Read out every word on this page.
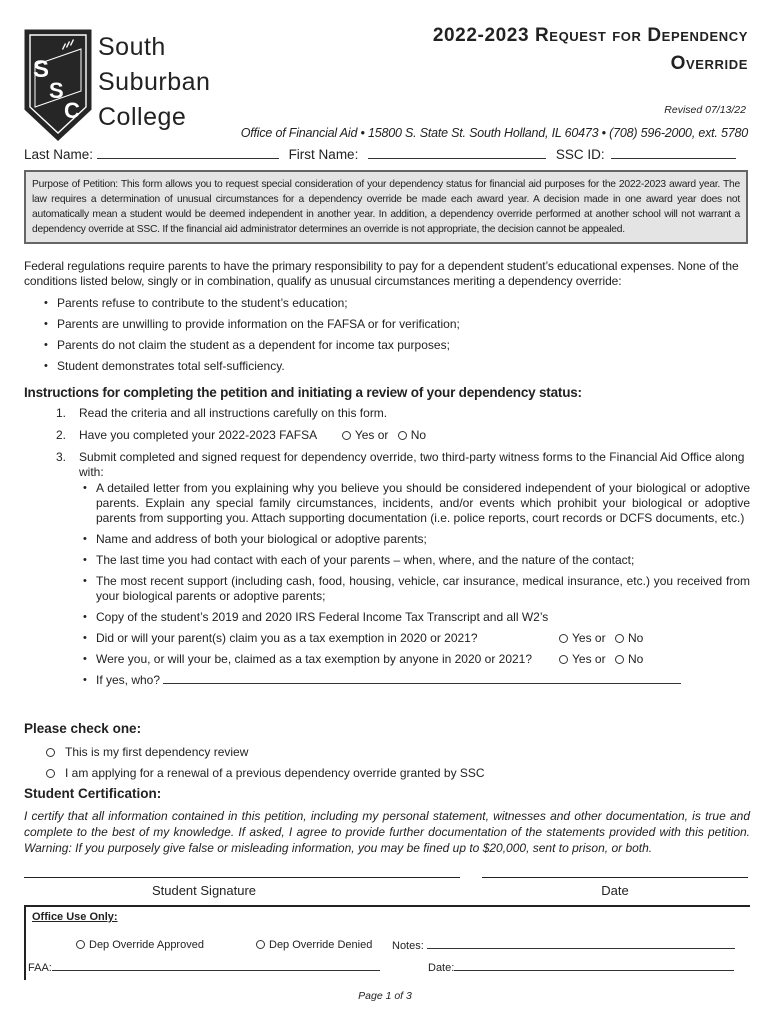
S
S
C
South
Suburban
College
2022-2023 Request for Dependency
Override
Revised 07/13/22
Office of Financial Aid • 15800 S. State St. South Holland, IL 60473 • (708) 596-2000, ext. 5780
Last Name:	First Name:	SSC ID:
Purpose of Petition: This form allows you to request special consideration of your dependency status for financial aid purposes for the 2022-2023 award year. The law requires a determination of unusual circumstances for a dependency override be made each award year. A decision made in one award year does not automatically mean a student would be deemed independent in another year. In addition, a dependency override performed at another school will not warrant a dependency override at SSC. If the financial aid administrator determines an override is not appropriate, the decision cannot be appealed.
Federal regulations require parents to have the primary responsibility to pay for a dependent student’s educational expenses. None of the conditions listed below, singly or in combination, qualify as unusual circumstances meriting a dependency override:
• Parents refuse to contribute to the student’s education;
• Parents are unwilling to provide information on the FAFSA or for verification;
• Parents do not claim the student as a dependent for income tax purposes;
• Student demonstrates total self-sufficiency.
Instructions for completing the petition and initiating a review of your dependency status:
1. Read the criteria and all instructions carefully on this form.
2. Have you completed your 2022-2023 FAFSA	Yes or No
3. Submit completed and signed request for dependency override, two third-party witness forms to the Financial Aid Office along with:
• A detailed letter from you explaining why you believe you should be considered independent of your biological or adoptive parents. Explain any special family circumstances, incidents, and/or events which prohibit your biological or adoptive parents from supporting you. Attach supporting documentation (i.e. police reports, court records or DCFS documents, etc.)
• Name and address of both your biological or adoptive parents;
• The last time you had contact with each of your parents – when, where, and the nature of the contact;
• The most recent support (including cash, food, housing, vehicle, car insurance, medical insurance, etc.) you received from your biological parents or adoptive parents;
• Copy of the student’s 2019 and 2020 IRS Federal Income Tax Transcript and all W2’s
• Did or will your parent(s) claim you as a tax exemption in 2020 or 2021?	Yes or	No
• Were you, or will your be, claimed as a tax exemption by anyone in 2020 or 2021?	Yes or	No
• If yes, who?
Please check one:
This is my first dependency review
I am applying for a renewal of a previous dependency override granted by SSC
Student Certification:
I certify that all information contained in this petition, including my personal statement, witnesses and other documentation, is true and complete to the best of my knowledge. If asked, I agree to provide further documentation of the statements provided with this petition. Warning: If you purposely give false or misleading information, you may be fined up to $20,000, sent to prison, or both.
Student Signature	Date
Office Use Only:
Dep Override Approved	Dep Override Denied Notes:
FAA:	Date:
Page 1 of 3
